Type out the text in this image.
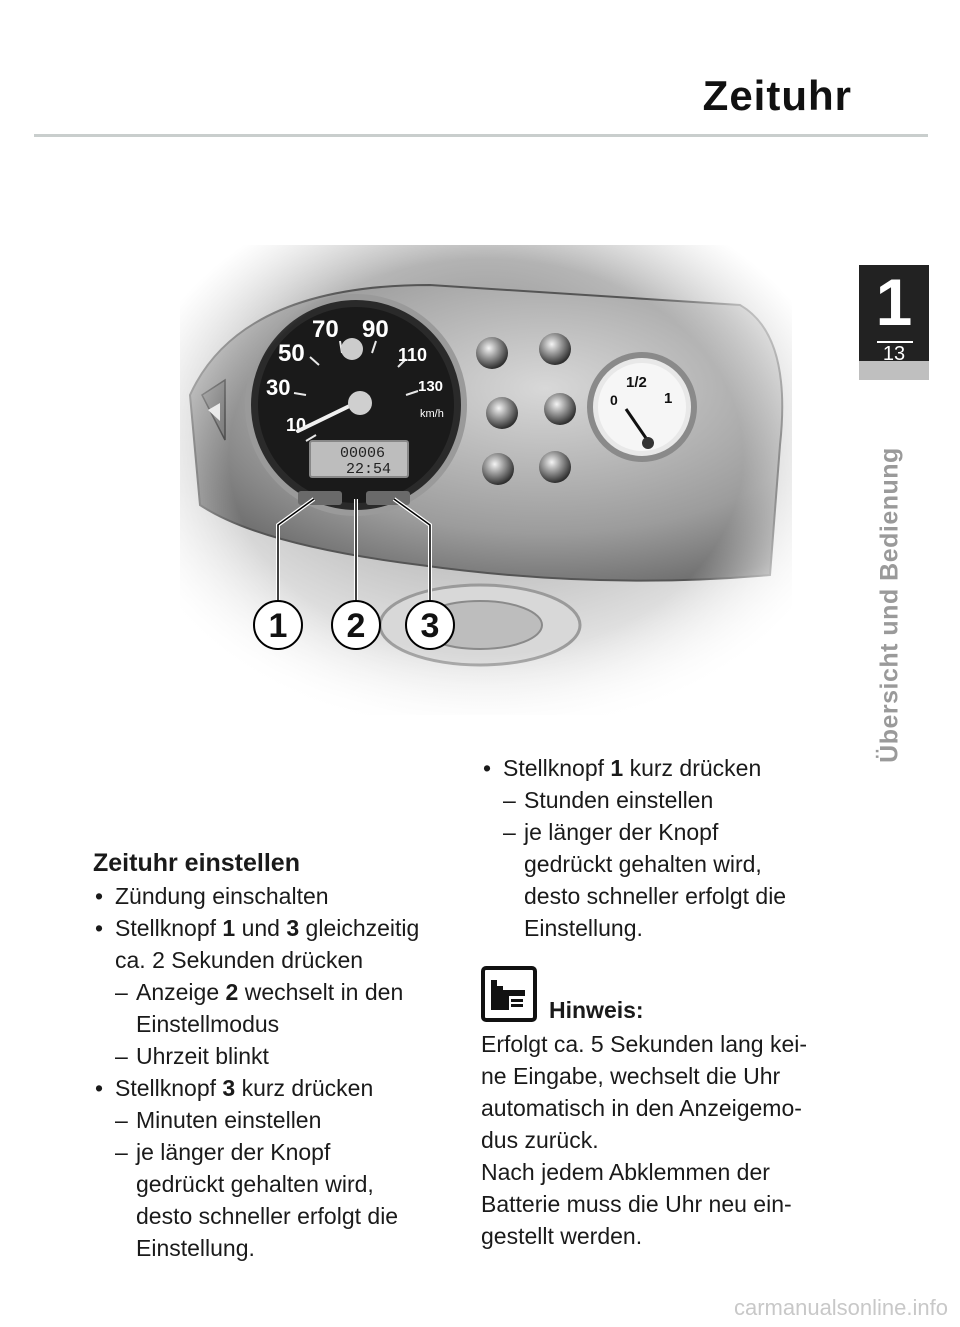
Zeituhr
1
13
Übersicht und Bedienung
1 2 3
Zeituhr einstellen
• Zündung einschalten
• Stellknopf 1 und 3 gleichzeitig
ca. 2 Sekunden drücken
– Anzeige 2 wechselt in den
Einstellmodus
– Uhrzeit blinkt
• Stellknopf 3 kurz drücken
– Minuten einstellen
– je länger der Knopf
gedrückt gehalten wird,
desto schneller erfolgt die
Einstellung.
• Stellknopf 1 kurz drücken
– Stunden einstellen
– je länger der Knopf
gedrückt gehalten wird,
desto schneller erfolgt die
Einstellung.
Hinweis:
Erfolgt ca. 5 Sekunden lang kei-
ne Eingabe, wechselt die Uhr
automatisch in den Anzeigemo-
dus zurück.
Nach jedem Abklemmen der
Batterie muss die Uhr neu ein-
gestellt werden.
carmanualsonline.info
